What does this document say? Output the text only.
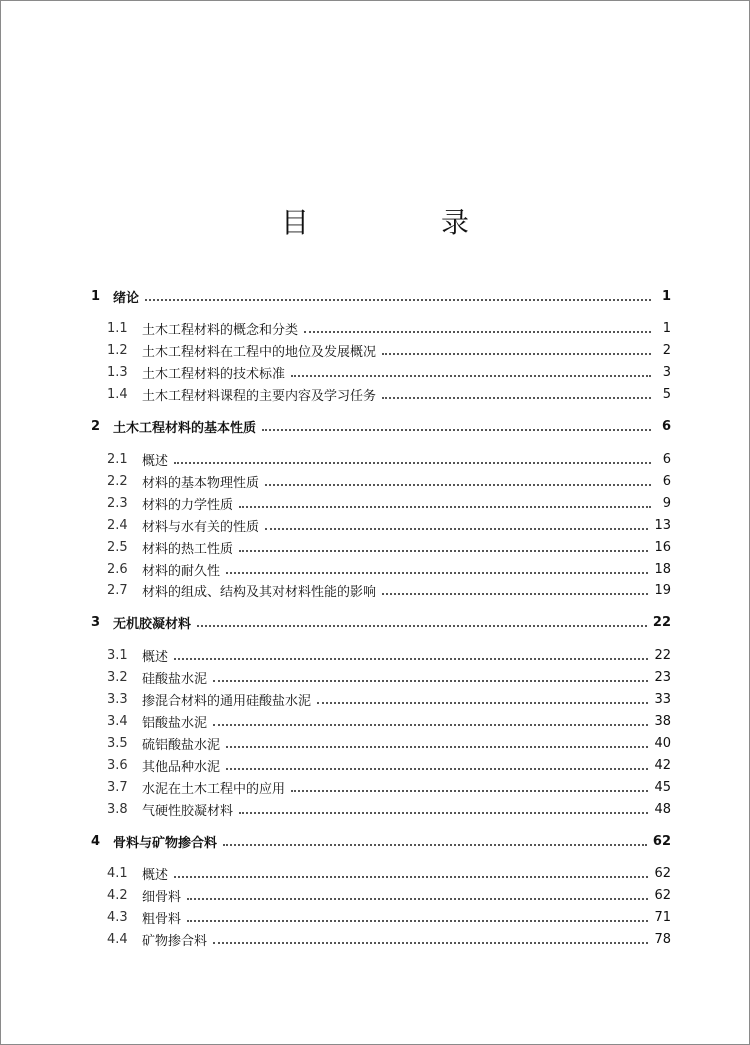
目　录
1 绪论	1
1.1	土木工程材料的概念和分类	1
1.2	土木工程材料在工程中的地位及发展概况	2
1.3	土木工程材料的技术标准	3
1.4	土木工程材料课程的主要内容及学习任务	5
2 土木工程材料的基本性质	6
2.1	概述	6
2.2	材料的基本物理性质	6
2.3	材料的力学性质	9
2.4	材料与水有关的性质	13
2.5	材料的热工性质	16
2.6	材料的耐久性	18
2.7	材料的组成、结构及其对材料性能的影响	19
3 无机胶凝材料	22
3.1	概述	22
3.2	硅酸盐水泥	23
3.3	掺混合材料的通用硅酸盐水泥	33
3.4	铝酸盐水泥	38
3.5	硫铝酸盐水泥	40
3.6	其他品种水泥	42
3.7	水泥在土木工程中的应用	45
3.8	气硬性胶凝材料	48
4 骨料与矿物掺合料	62
4.1	概述	62
4.2	细骨料	62
4.3	粗骨料	71
4.4	矿物掺合料	78
